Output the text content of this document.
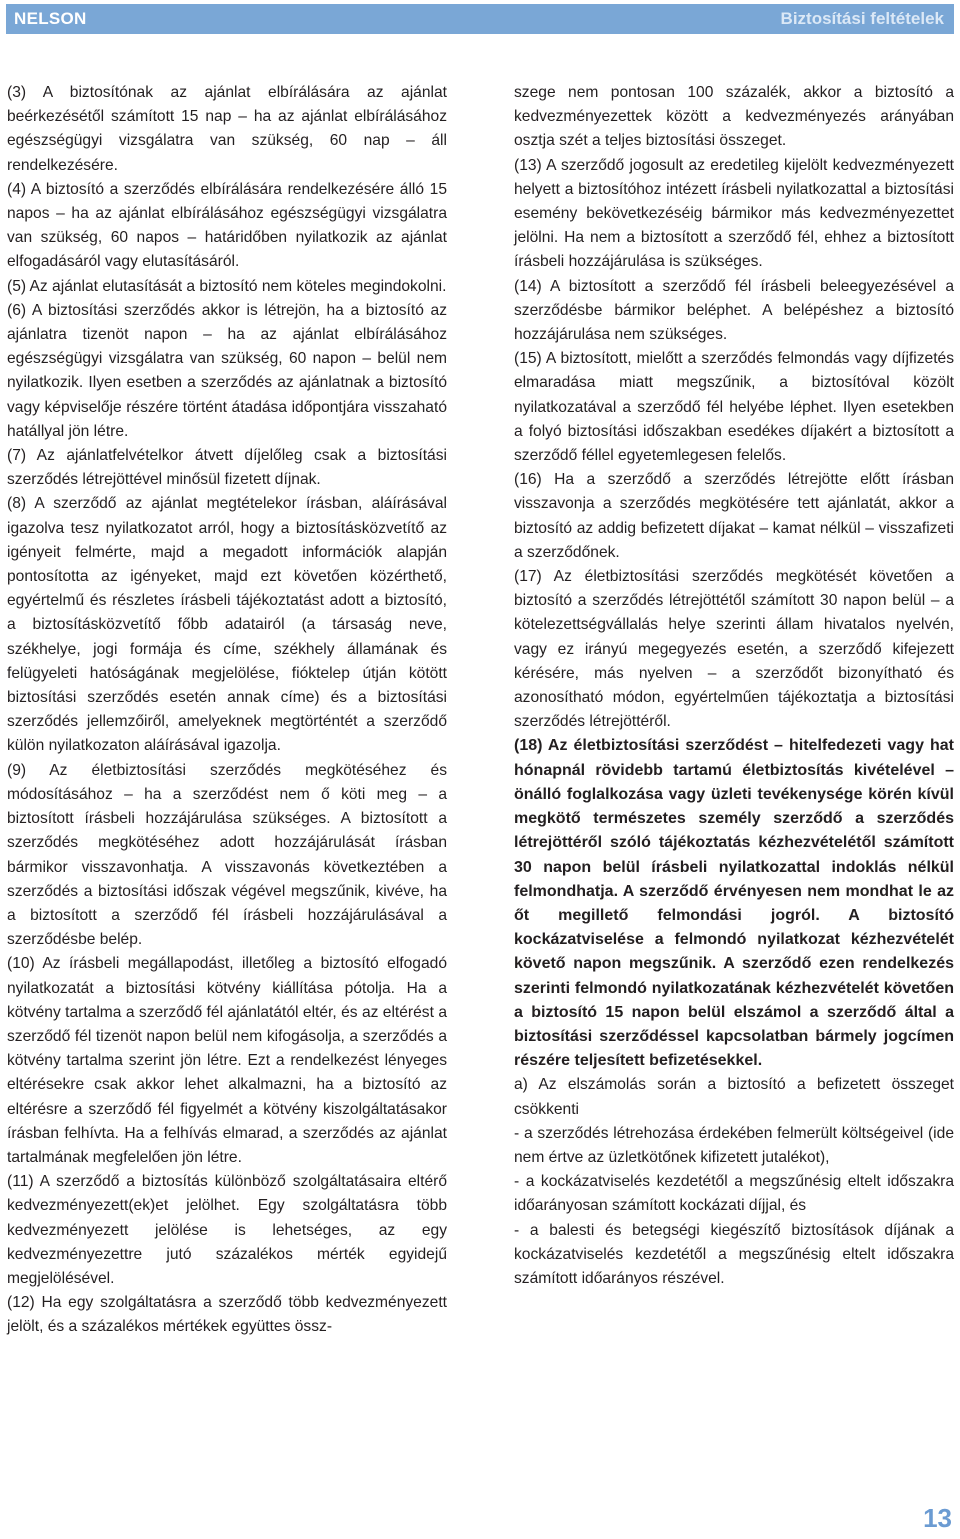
NELSON	Biztosítási feltételek

(3) A biztosítónak az ajánlat elbírálására az ajánlat beérkezésétől számított 15 nap – ha az ajánlat elbírálásához egészségügyi vizsgálatra van szükség, 60 nap – áll rendelkezésére.

(4) A biztosító a szerződés elbírálására rendelkezésére álló 15 napos – ha az ajánlat elbírálásához egészségügyi vizsgálatra van szükség, 60 napos – határidőben nyilatkozik az ajánlat elfogadásáról vagy elutasításáról.

(5) Az ajánlat elutasítását a biztosító nem köteles megindokolni.

(6) A biztosítási szerződés akkor is létrejön, ha a biztosító az ajánlatra tizenöt napon – ha az ajánlat elbírálásához egészségügyi vizsgálatra van szükség, 60 napon – belül nem nyilatkozik. Ilyen esetben a szerződés az ajánlatnak a biztosító vagy képviselője részére történt átadása időpontjára visszaható hatállyal jön létre.

(7) Az ajánlatfelvételkor átvett díjelőleg csak a biztosítási szerződés létrejöttével minősül fizetett díjnak.

(8) A szerződő az ajánlat megtételekor írásban, aláírásával igazolva tesz nyilatkozatot arról, hogy a biztosításközvetítő az igényeit felmérte, majd a megadott információk alapján pontosította az igényeket, majd ezt követően közérthető, egyértelmű és részletes írásbeli tájékoztatást adott a biztosító, a biztosításközvetítő főbb adatairól (a társaság neve, székhelye, jogi formája és címe, székhely államának és felügyeleti hatóságának megjelölése, fióktelep útján kötött biztosítási szerződés esetén annak címe) és a biztosítási szerződés jellemzőiről, amelyeknek megtörténtét a szerződő külön nyilatkozaton aláírásával igazolja.

(9) Az életbiztosítási szerződés megkötéséhez és módosításához – ha a szerződést nem ő köti meg – a biztosított írásbeli hozzájárulása szükséges. A biztosított a szerződés megkötéséhez adott hozzájárulását írásban bármikor visszavonhatja. A visszavonás következtében a szerződés a biztosítási időszak végével megszűnik, kivéve, ha a biztosított a szerződő fél írásbeli hozzájárulásával a szerződésbe belép.

(10) Az írásbeli megállapodást, illetőleg a biztosító elfogadó nyilatkozatát a biztosítási kötvény kiállítása pótolja. Ha a kötvény tartalma a szerződő fél ajánlatától eltér, és az eltérést a szerződő fél tizenöt napon belül nem kifogásolja, a szerződés a kötvény tartalma szerint jön létre. Ezt a rendelkezést lényeges eltérésekre csak akkor lehet alkalmazni, ha a biztosító az eltérésre a szerződő fél figyelmét a kötvény kiszolgáltatásakor írásban felhívta. Ha a felhívás elmarad, a szerződés az ajánlat tartalmának megfelelően jön létre.

(11) A szerződő a biztosítás különböző szolgáltatásaira eltérő kedvezményezett(ek)et jelölhet. Egy szolgáltatásra több kedvezményezett jelölése is lehetséges, az egy kedvezményezettre jutó százalékos mérték egyidejű megjelölésével.

(12) Ha egy szolgáltatásra a szerződő több kedvezményezett jelölt, és a százalékos mértékek együttes össz-

szege nem pontosan 100 százalék, akkor a biztosító a kedvezményezettek között a kedvezményezés arányában osztja szét a teljes biztosítási összeget.

(13) A szerződő jogosult az eredetileg kijelölt kedvezményezett helyett a biztosítóhoz intézett írásbeli nyilatkozattal a biztosítási esemény bekövetkezéséig bármikor más kedvezményezettet jelölni. Ha nem a biztosított a szerződő fél, ehhez a biztosított írásbeli hozzájárulása is szükséges.

(14) A biztosított a szerződő fél írásbeli beleegyezésével a szerződésbe bármikor beléphet. A belépéshez a biztosító hozzájárulása nem szükséges.

(15) A biztosított, mielőtt a szerződés felmondás vagy díjfizetés elmaradása miatt megszűnik, a biztosítóval közölt nyilatkozatával a szerződő fél helyébe léphet. Ilyen esetekben a folyó biztosítási időszakban esedékes díjakért a biztosított a szerződő féllel egyetemlegesen felelős.

(16) Ha a szerződő a szerződés létrejötte előtt írásban visszavonja a szerződés megkötésére tett ajánlatát, akkor a biztosító az addig befizetett díjakat – kamat nélkül – visszafizeti a szerződőnek.

(17) Az életbiztosítási szerződés megkötését követően a biztosító a szerződés létrejöttétől számított 30 napon belül – a kötelezettségvállalás helye szerinti állam hivatalos nyelvén, vagy ez irányú megegyezés esetén, a szerződő kifejezett kérésére, más nyelven – a szerződőt bizonyítható és azonosítható módon, egyértelműen tájékoztatja a biztosítási szerződés létrejöttéről.

(18) Az életbiztosítási szerződést – hitelfedezeti vagy hat hónapnál rövidebb tartamú életbiztosítás kivételével – önálló foglalkozása vagy üzleti tevékenysége körén kívül megkötő természetes személy szerződő a szerződés létrejöttéről szóló tájékoztatás kézhezvételétől számított 30 napon belül írásbeli nyilatkozattal indoklás nélkül felmondhatja. A szerződő érvényesen nem mondhat le az őt megillető felmondási jogról. A biztosító kockázatviselése a felmondó nyilatkozat kézhezvételét követő napon megszűnik. A szerződő ezen rendelkezés szerinti felmondó nyilatkozatának kézhezvételét követően a biztosító 15 napon belül elszámol a szerződő által a biztosítási szerződéssel kapcsolatban bármely jogcímen részére teljesített befizetésekkel.

a) Az elszámolás során a biztosító a befizetett összeget csökkenti

- a szerződés létrehozása érdekében felmerült költségeivel (ide nem értve az üzletkötőnek kifizetett jutalékot),

- a kockázatviselés kezdetétől a megszűnésig eltelt időszakra időarányosan számított kockázati díjjal, és

- a balesti és betegségi kiegészítő biztosítások díjának a kockázatviselés kezdetétől a megszűnésig eltelt időszakra számított időarányos részével.

13
